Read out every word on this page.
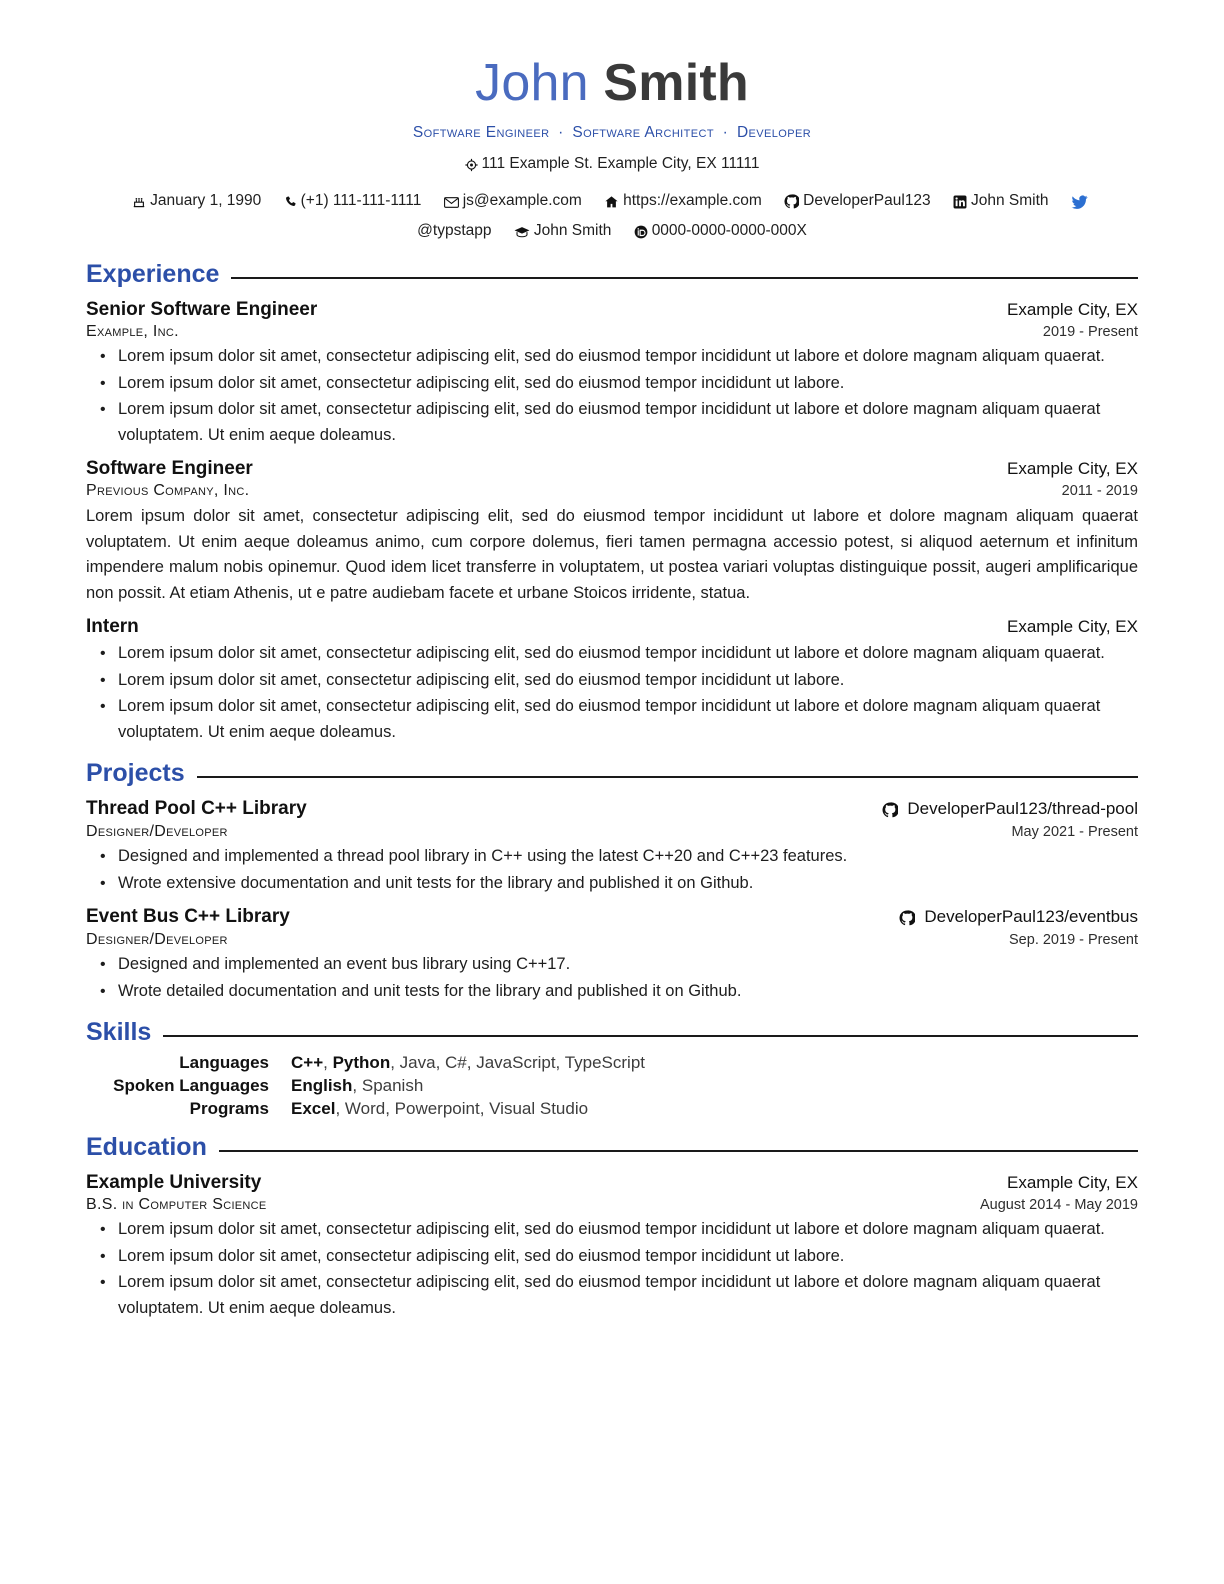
John Smith
Software Engineer · Software Architect · Developer
111 Example St. Example City, EX 11111
January 1, 1990	(+1) 111-111-1111	js@example.com	https://example.com	DeveloperPaul123	John Smith
@typstapp	John Smith	0000-0000-0000-000X
Experience
Senior Software Engineer	Example City, EX
Example, Inc.	2019 - Present
• Lorem ipsum dolor sit amet, consectetur adipiscing elit, sed do eiusmod tempor incididunt ut labore et dolore magnam aliquam quaerat.
• Lorem ipsum dolor sit amet, consectetur adipiscing elit, sed do eiusmod tempor incididunt ut labore.
• Lorem ipsum dolor sit amet, consectetur adipiscing elit, sed do eiusmod tempor incididunt ut labore et dolore magnam aliquam quaerat voluptatem. Ut enim aeque doleamus.
Software Engineer	Example City, EX
Previous Company, Inc.	2011 - 2019
Lorem ipsum dolor sit amet, consectetur adipiscing elit, sed do eiusmod tempor incididunt ut labore et dolore magnam aliquam quaerat voluptatem. Ut enim aeque doleamus animo, cum corpore dolemus, fieri tamen permagna accessio potest, si aliquod aeternum et infinitum impendere malum nobis opinemur. Quod idem licet transferre in voluptatem, ut postea variari voluptas distinguique possit, augeri amplificarique non possit. At etiam Athenis, ut e patre audiebam facete et urbane Stoicos irridente, statua.
Intern	Example City, EX
• Lorem ipsum dolor sit amet, consectetur adipiscing elit, sed do eiusmod tempor incididunt ut labore et dolore magnam aliquam quaerat.
• Lorem ipsum dolor sit amet, consectetur adipiscing elit, sed do eiusmod tempor incididunt ut labore.
• Lorem ipsum dolor sit amet, consectetur adipiscing elit, sed do eiusmod tempor incididunt ut labore et dolore magnam aliquam quaerat voluptatem. Ut enim aeque doleamus.
Projects
Thread Pool C++ Library	DeveloperPaul123/thread-pool
Designer/Developer	May 2021 - Present
• Designed and implemented a thread pool library in C++ using the latest C++20 and C++23 features.
• Wrote extensive documentation and unit tests for the library and published it on Github.
Event Bus C++ Library	DeveloperPaul123/eventbus
Designer/Developer	Sep. 2019 - Present
• Designed and implemented an event bus library using C++17.
• Wrote detailed documentation and unit tests for the library and published it on Github.
Skills
Languages	C++, Python, Java, C#, JavaScript, TypeScript
Spoken Languages	English, Spanish
Programs	Excel, Word, Powerpoint, Visual Studio
Education
Example University	Example City, EX
B.S. in Computer Science	August 2014 - May 2019
• Lorem ipsum dolor sit amet, consectetur adipiscing elit, sed do eiusmod tempor incididunt ut labore et dolore magnam aliquam quaerat.
• Lorem ipsum dolor sit amet, consectetur adipiscing elit, sed do eiusmod tempor incididunt ut labore.
• Lorem ipsum dolor sit amet, consectetur adipiscing elit, sed do eiusmod tempor incididunt ut labore et dolore magnam aliquam quaerat voluptatem. Ut enim aeque doleamus.
